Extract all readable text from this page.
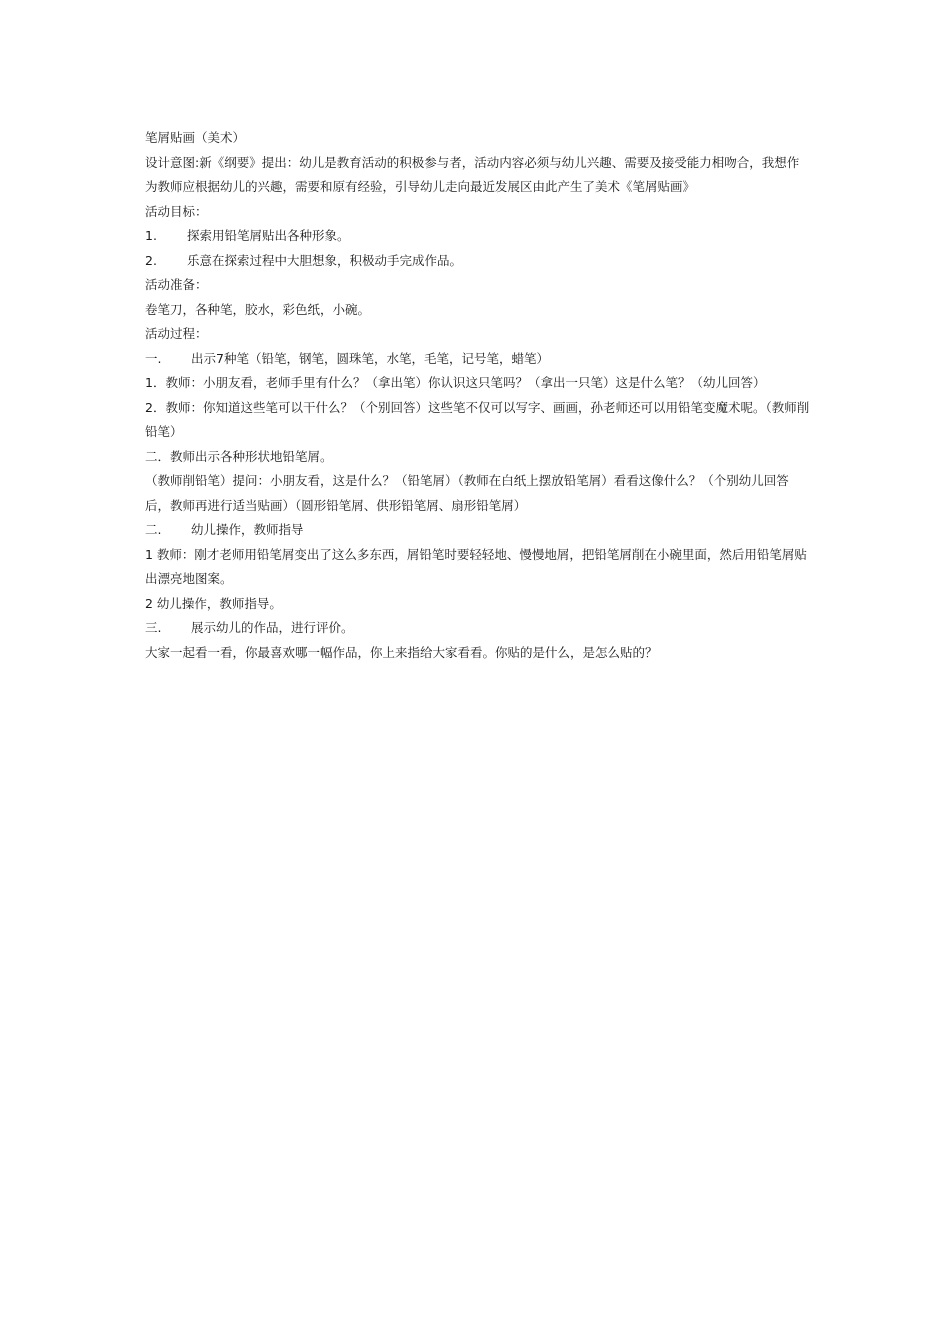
笔屑贴画（美术）
设计意图:新《纲要》提出：幼儿是教育活动的积极参与者，活动内容必须与幼儿兴趣、需要及接受能力相吻合，我想作为教师应根据幼儿的兴趣，需要和原有经验，引导幼儿走向最近发展区由此产生了美术《笔屑贴画》
活动目标：
1. 探索用铅笔屑贴出各种形象。
2. 乐意在探索过程中大胆想象，积极动手完成作品。
活动准备：
卷笔刀，各种笔，胶水，彩色纸，小碗。
活动过程：
一. 出示7种笔（铅笔，钢笔，圆珠笔，水笔，毛笔，记号笔，蜡笔）
1．教师：小朋友看，老师手里有什么？（拿出笔）你认识这只笔吗？（拿出一只笔）这是什么笔？（幼儿回答）
2．教师：你知道这些笔可以干什么？（个别回答）这些笔不仅可以写字、画画，孙老师还可以用铅笔变魔术呢。（教师削铅笔）
二．教师出示各种形状地铅笔屑。
（教师削铅笔）提问：小朋友看，这是什么？（铅笔屑）（教师在白纸上摆放铅笔屑）看看这像什么？（个别幼儿回答后，教师再进行适当贴画）（圆形铅笔屑、供形铅笔屑、扇形铅笔屑）
二. 幼儿操作，教师指导
1 教师：刚才老师用铅笔屑变出了这么多东西，屑铅笔时要轻轻地、慢慢地屑，把铅笔屑削在小碗里面，然后用铅笔屑贴出漂亮地图案。
2 幼儿操作，教师指导。
三. 展示幼儿的作品，进行评价。
大家一起看一看，你最喜欢哪一幅作品，你上来指给大家看看。你贴的是什么，是怎么贴的？
